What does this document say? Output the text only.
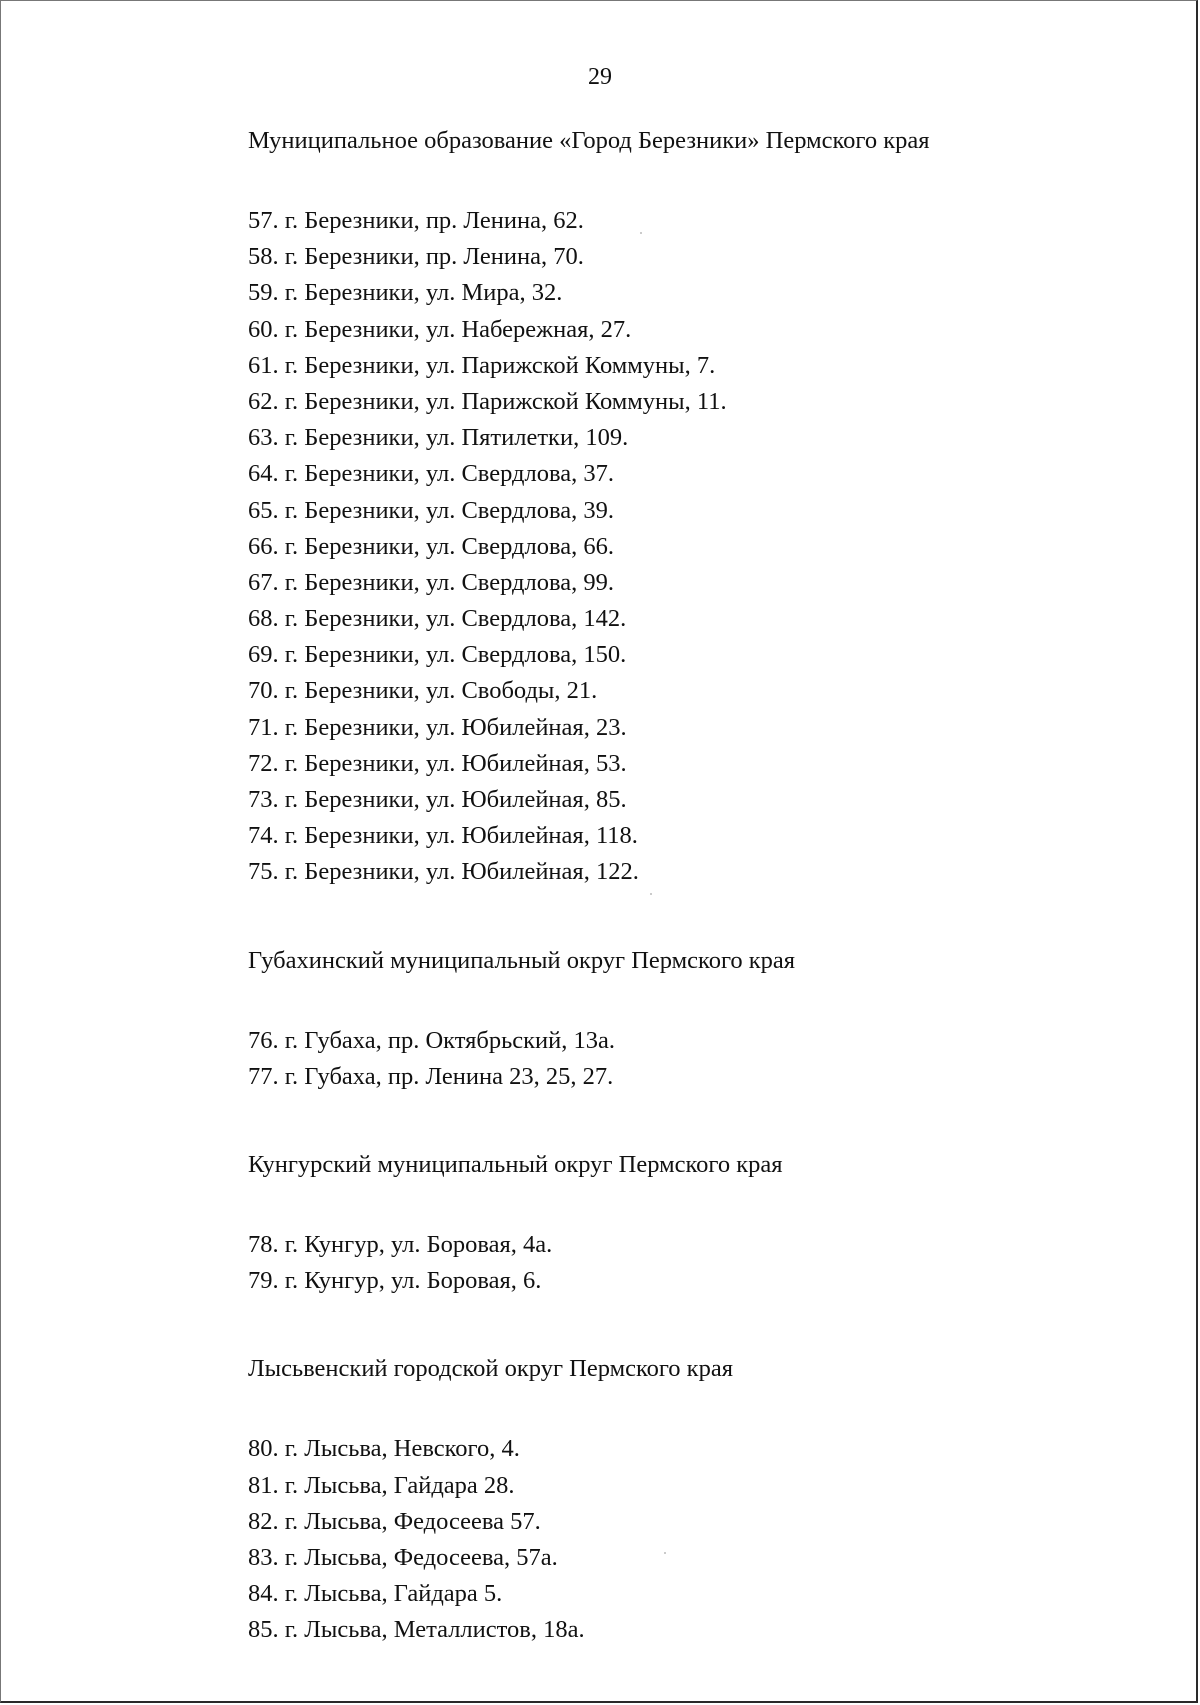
29
Муниципальное образование «Город Березники» Пермского края
57. г. Березники, пр. Ленина, 62.
58. г. Березники, пр. Ленина, 70.
59. г. Березники, ул. Мира, 32.
60. г. Березники, ул. Набережная, 27.
61. г. Березники, ул. Парижской Коммуны, 7.
62. г. Березники, ул. Парижской Коммуны, 11.
63. г. Березники, ул. Пятилетки, 109.
64. г. Березники, ул. Свердлова, 37.
65. г. Березники, ул. Свердлова, 39.
66. г. Березники, ул. Свердлова, 66.
67. г. Березники, ул. Свердлова, 99.
68. г. Березники, ул. Свердлова, 142.
69. г. Березники, ул. Свердлова, 150.
70. г. Березники, ул. Свободы, 21.
71. г. Березники, ул. Юбилейная, 23.
72. г. Березники, ул. Юбилейная, 53.
73. г. Березники, ул. Юбилейная, 85.
74. г. Березники, ул. Юбилейная, 118.
75. г. Березники, ул. Юбилейная, 122.
Губахинский муниципальный округ Пермского края
76. г. Губаха, пр. Октябрьский, 13а.
77. г. Губаха, пр. Ленина 23, 25, 27.
Кунгурский муниципальный округ Пермского края
78. г. Кунгур, ул. Боровая, 4а.
79. г. Кунгур, ул. Боровая, 6.
Лысьвенский городской округ Пермского края
80. г. Лысьва, Невского, 4.
81. г. Лысьва, Гайдара 28.
82. г. Лысьва, Федосеева 57.
83. г. Лысьва, Федосеева, 57а.
84. г. Лысьва, Гайдара 5.
85. г. Лысьва, Металлистов, 18а.
